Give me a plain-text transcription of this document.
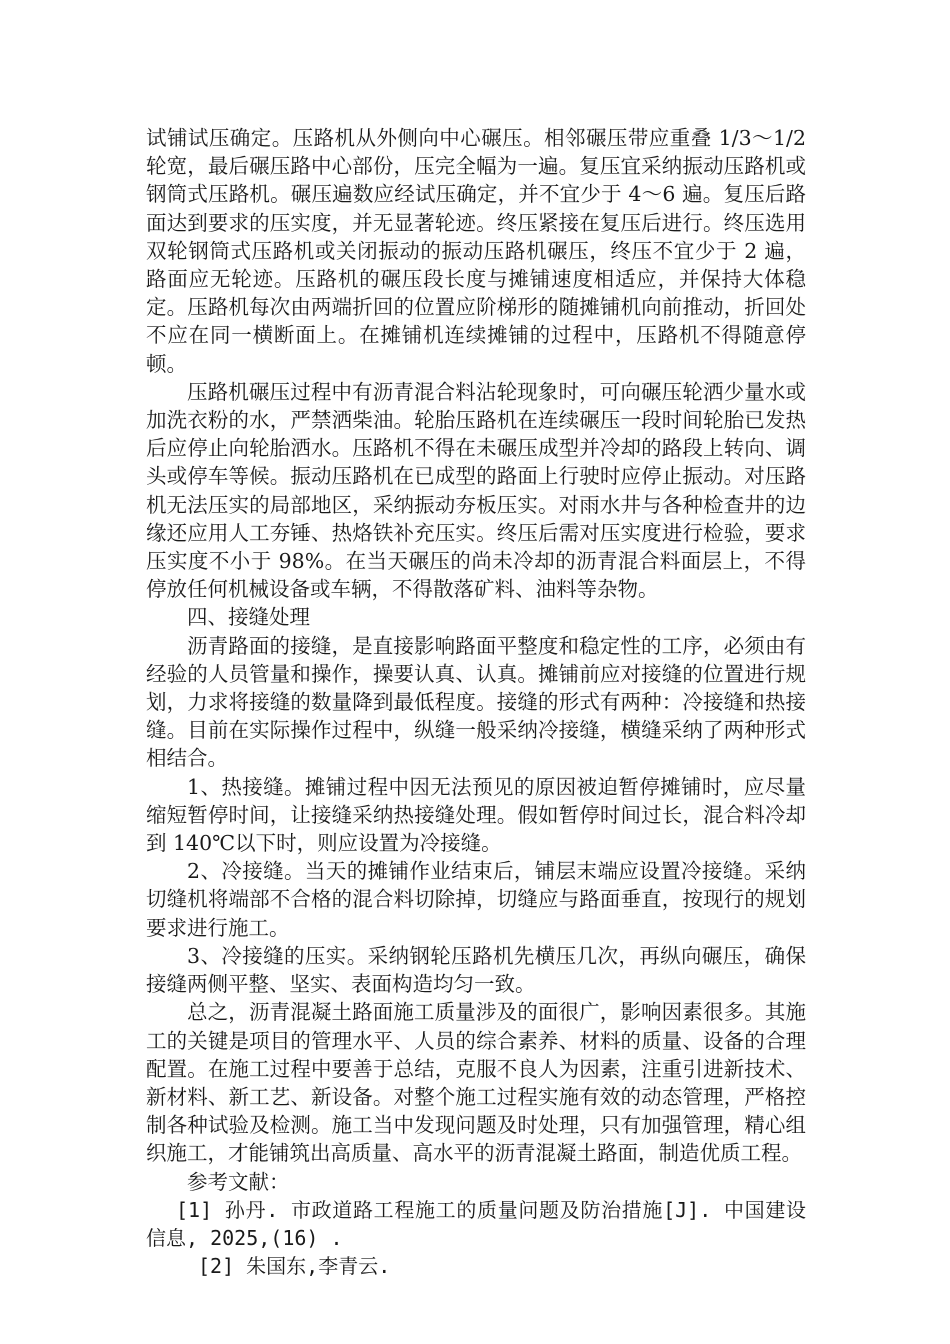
试铺试压确定。压路机从外侧向中心碾压。相邻碾压带应重叠 1/3～1/2 轮宽，最后碾压路中心部份，压完全幅为一遍。复压宜采纳振动压路机或钢筒式压路机。碾压遍数应经试压确定，并不宜少于 4～6 遍。复压后路面达到要求的压实度，并无显著轮迹。终压紧接在复压后进行。终压选用双轮钢筒式压路机或关闭振动的振动压路机碾压，终压不宜少于 2 遍，路面应无轮迹。压路机的碾压段长度与摊铺速度相适应，并保持大体稳定。压路机每次由两端折回的位置应阶梯形的随摊铺机向前推动，折回处不应在同一横断面上。在摊铺机连续摊铺的过程中，压路机不得随意停顿。

压路机碾压过程中有沥青混合料沾轮现象时，可向碾压轮洒少量水或加洗衣粉的水，严禁洒柴油。轮胎压路机在连续碾压一段时间轮胎已发热后应停止向轮胎洒水。压路机不得在未碾压成型并冷却的路段上转向、调头或停车等候。振动压路机在已成型的路面上行驶时应停止振动。对压路机无法压实的局部地区，采纳振动夯板压实。对雨水井与各种检查井的边缘还应用人工夯锤、热烙铁补充压实。终压后需对压实度进行检验，要求压实度不小于 98%。在当天碾压的尚未冷却的沥青混合料面层上，不得停放任何机械设备或车辆，不得散落矿料、油料等杂物。

四、接缝处理

沥青路面的接缝，是直接影响路面平整度和稳定性的工序，必须由有经验的人员管量和操作，操要认真、认真。摊铺前应对接缝的位置进行规划，力求将接缝的数量降到最低程度。接缝的形式有两种：冷接缝和热接缝。目前在实际操作过程中，纵缝一般采纳冷接缝，横缝采纳了两种形式相结合。

1、热接缝。摊铺过程中因无法预见的原因被迫暂停摊铺时，应尽量缩短暂停时间，让接缝采纳热接缝处理。假如暂停时间过长，混合料冷却到 140℃以下时，则应设置为冷接缝。

2、冷接缝。当天的摊铺作业结束后，铺层末端应设置冷接缝。采纳切缝机将端部不合格的混合料切除掉，切缝应与路面垂直，按现行的规划要求进行施工。

3、冷接缝的压实。采纳钢轮压路机先横压几次，再纵向碾压，确保接缝两侧平整、坚实、表面构造均匀一致。

总之，沥青混凝土路面施工质量涉及的面很广，影响因素很多。其施工的关键是项目的管理水平、人员的综合素养、材料的质量、设备的合理配置。在施工过程中要善于总结，克服不良人为因素，注重引进新技术、新材料、新工艺、新设备。对整个施工过程实施有效的动态管理，严格控制各种试验及检测。施工当中发现问题及时处理，只有加强管理，精心组织施工，才能铺筑出高质量、高水平的沥青混凝土路面，制造优质工程。

参考文献：

[1] 孙丹. 市政道路工程施工的质量问题及防治措施[J]. 中国建设信息, 2025,(16) .

[2] 朱国东,李青云.
